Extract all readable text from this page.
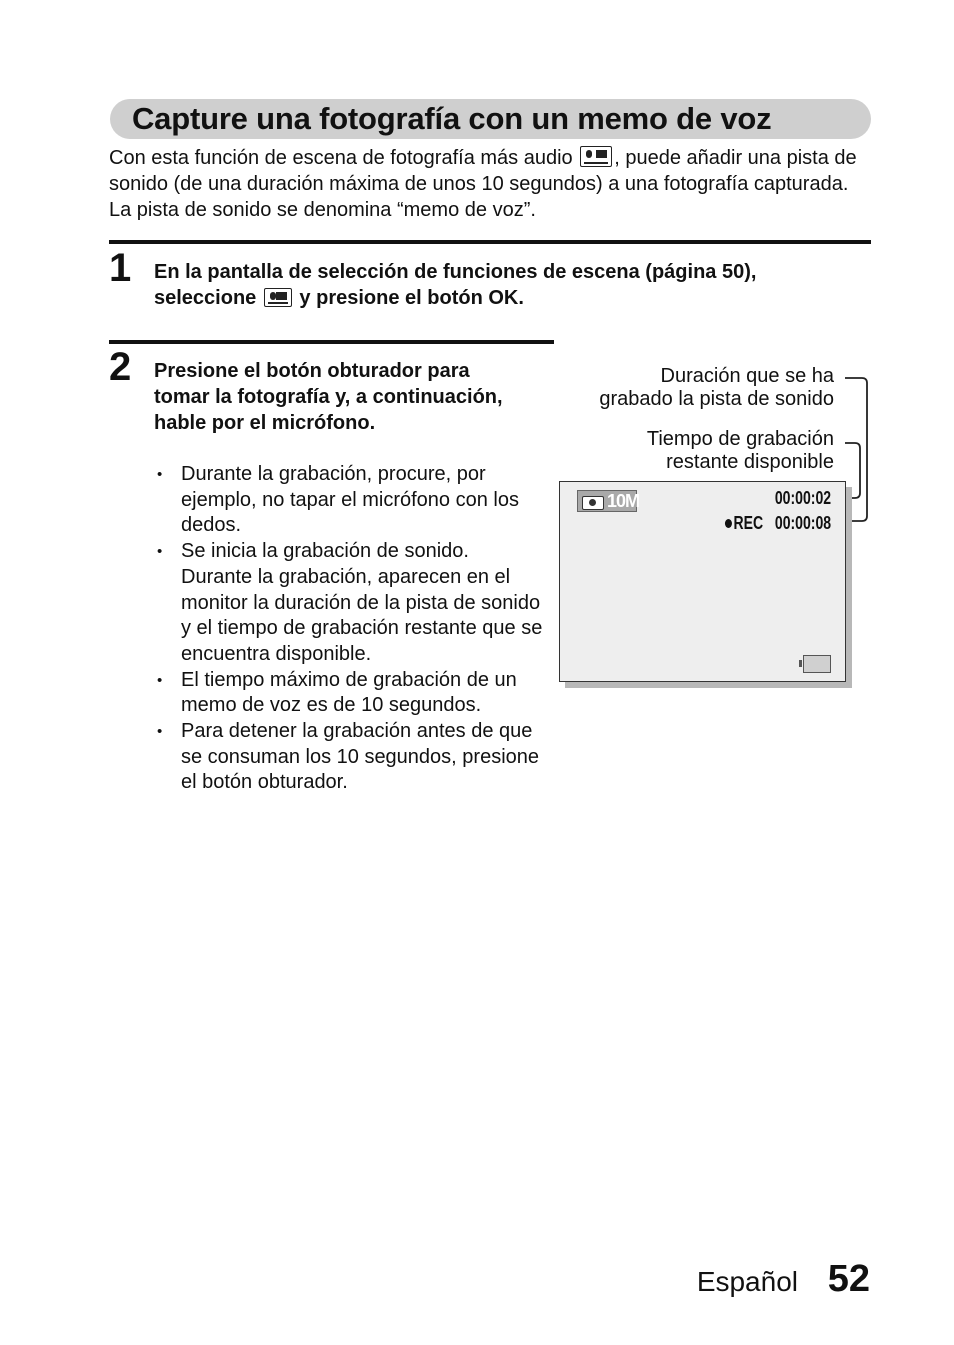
Capture una fotografía con un memo de voz

Con esta función de escena de fotografía más audio , puede añadir una pista de sonido (de una duración máxima de unos 10 segundos) a una fotografía capturada. La pista de sonido se denomina “memo de voz”.

1 En la pantalla de selección de funciones de escena (página 50), seleccione y presione el botón OK.

2 Presione el botón obturador para tomar la fotografía y, a continuación, hable por el micrófono.

• Durante la grabación, procure, por ejemplo, no tapar el micrófono con los dedos.
• Se inicia la grabación de sonido. Durante la grabación, aparecen en el monitor la duración de la pista de sonido y el tiempo de grabación restante que se encuentra disponible.
• El tiempo máximo de grabación de un memo de voz es de 10 segundos.
• Para detener la grabación antes de que se consuman los 10 segundos, presione el botón obturador.
Duración que se ha
grabado la pista de sonido
Tiempo de grabación
restante disponible
10M	00:00:02
REC 00:00:08
Español 52
